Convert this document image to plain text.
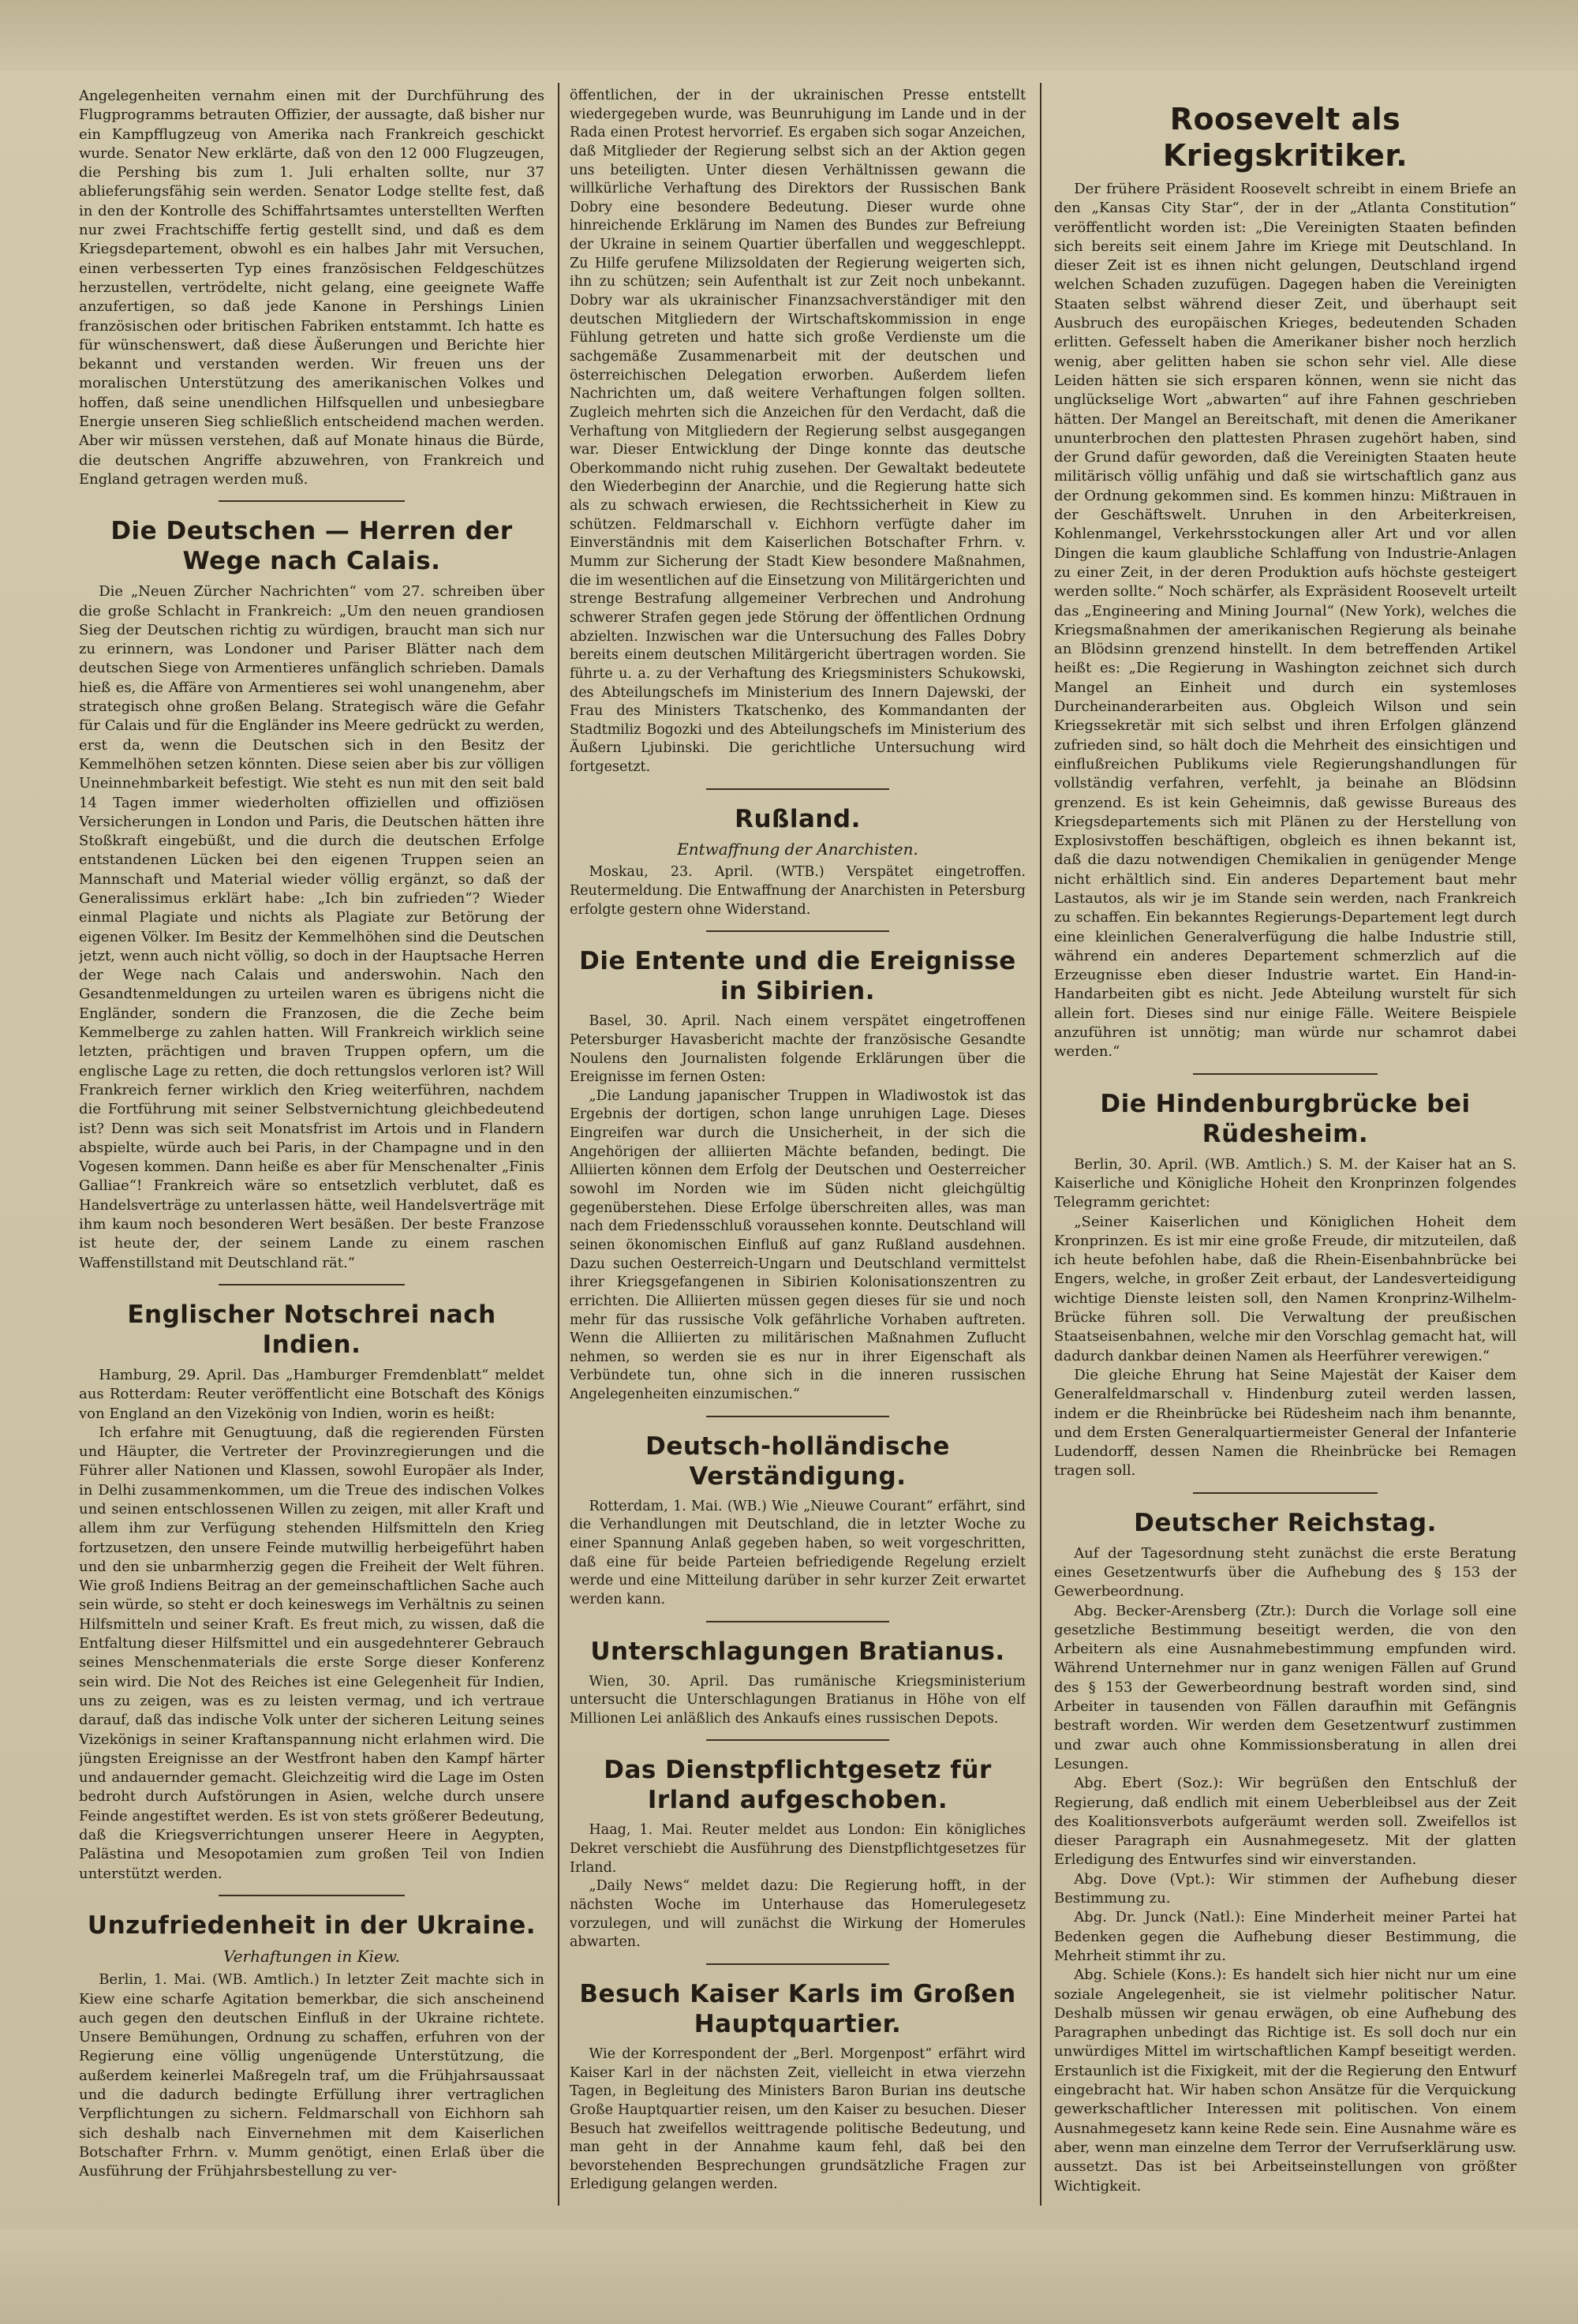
Angelegenheiten vernahm einen mit der Durchführung des Flugprogramms betrauten Offizier, der aussagte, daß bisher nur ein Kampfflugzeug von Amerika nach Frankreich geschickt wurde. Senator New erklärte, daß von den 12 000 Flugzeugen, die Pershing bis zum 1. Juli erhalten sollte, nur 37 ablieferungsfähig sein werden. Senator Lodge stellte fest, daß in den der Kontrolle des Schiffahrtsamtes unterstellten Werften nur zwei Frachtschiffe fertig gestellt sind, und daß es dem Kriegsdepartement, obwohl es ein halbes Jahr mit Versuchen, einen verbesserten Typ eines französischen Feldgeschützes herzustellen, vertrödelte, nicht gelang, eine geeignete Waffe anzufertigen, so daß jede Kanone in Pershings Linien französischen oder britischen Fabriken entstammt. Ich hatte es für wünschenswert, daß diese Äußerungen und Berichte hier bekannt und verstanden werden. Wir freuen uns der moralischen Unterstützung des amerikanischen Volkes und hoffen, daß seine unendlichen Hilfsquellen und unbesiegbare Energie unseren Sieg schließlich entscheidend machen werden. Aber wir müssen verstehen, daß auf Monate hinaus die Bürde, die deutschen Angriffe abzuwehren, von Frankreich und England getragen werden muß.

Die Deutschen — Herren der Wege nach Calais.

Die „Neuen Zürcher Nachrichten“ vom 27. schreiben über die große Schlacht in Frankreich: „Um den neuen grandiosen Sieg der Deutschen richtig zu würdigen, braucht man sich nur zu erinnern, was Londoner und Pariser Blätter nach dem deutschen Siege von Armentieres unfänglich schrieben. Damals hieß es, die Affäre von Armentieres sei wohl unangenehm, aber strategisch ohne großen Belang. Strategisch wäre die Gefahr für Calais und für die Engländer ins Meere gedrückt zu werden, erst da, wenn die Deutschen sich in den Besitz der Kemmelhöhen setzen könnten. Diese seien aber bis zur völligen Uneinnehmbarkeit befestigt. Wie steht es nun mit den seit bald 14 Tagen immer wiederholten offiziellen und offiziösen Versicherungen in London und Paris, die Deutschen hätten ihre Stoßkraft eingebüßt, und die durch die deutschen Erfolge entstandenen Lücken bei den eigenen Truppen seien an Mannschaft und Material wieder völlig ergänzt, so daß der Generalissimus erklärt habe: „Ich bin zufrieden“? Wieder einmal Plagiate und nichts als Plagiate zur Betörung der eigenen Völker. Im Besitz der Kemmelhöhen sind die Deutschen jetzt, wenn auch nicht völlig, so doch in der Hauptsache Herren der Wege nach Calais und anderswohin. Nach den Gesandtenmeldungen zu urteilen waren es übrigens nicht die Engländer, sondern die Franzosen, die die Zeche beim Kemmelberge zu zahlen hatten. Will Frankreich wirklich seine letzten, prächtigen und braven Truppen opfern, um die englische Lage zu retten, die doch rettungslos verloren ist? Will Frankreich ferner wirklich den Krieg weiterführen, nachdem die Fortführung mit seiner Selbstvernichtung gleichbedeutend ist? Denn was sich seit Monatsfrist im Artois und in Flandern abspielte, würde auch bei Paris, in der Champagne und in den Vogesen kommen. Dann heiße es aber für Menschenalter „Finis Galliae“! Frankreich wäre so entsetzlich verblutet, daß es Handelsverträge zu unterlassen hätte, weil Handelsverträge mit ihm kaum noch besonderen Wert besäßen. Der beste Franzose ist heute der, der seinem Lande zu einem raschen Waffenstillstand mit Deutschland rät.“

Englischer Notschrei nach Indien.

Hamburg, 29. April. Das „Hamburger Fremdenblatt“ meldet aus Rotterdam: Reuter veröffentlicht eine Botschaft des Königs von England an den Vizekönig von Indien, worin es heißt:

Ich erfahre mit Genugtuung, daß die regierenden Fürsten und Häupter, die Vertreter der Provinzregierungen und die Führer aller Nationen und Klassen, sowohl Europäer als Inder, in Delhi zusammenkommen, um die Treue des indischen Volkes und seinen entschlossenen Willen zu zeigen, mit aller Kraft und allem ihm zur Verfügung stehenden Hilfsmitteln den Krieg fortzusetzen, den unsere Feinde mutwillig herbeigeführt haben und den sie unbarmherzig gegen die Freiheit der Welt führen. Wie groß Indiens Beitrag an der gemeinschaftlichen Sache auch sein würde, so steht er doch keineswegs im Verhältnis zu seinen Hilfsmitteln und seiner Kraft. Es freut mich, zu wissen, daß die Entfaltung dieser Hilfsmittel und ein ausgedehnterer Gebrauch seines Menschenmaterials die erste Sorge dieser Konferenz sein wird. Die Not des Reiches ist eine Gelegenheit für Indien, uns zu zeigen, was es zu leisten vermag, und ich vertraue darauf, daß das indische Volk unter der sicheren Leitung seines Vizekönigs in seiner Kraftanspannung nicht erlahmen wird. Die jüngsten Ereignisse an der Westfront haben den Kampf härter und andauernder gemacht. Gleichzeitig wird die Lage im Osten bedroht durch Aufstörungen in Asien, welche durch unsere Feinde angestiftet werden. Es ist von stets größerer Bedeutung, daß die Kriegsverrichtungen unserer Heere in Aegypten, Palästina und Mesopotamien zum großen Teil von Indien unterstützt werden.

Unzufriedenheit in der Ukraine.
Verhaftungen in Kiew.

Berlin, 1. Mai. (WB. Amtlich.) In letzter Zeit machte sich in Kiew eine scharfe Agitation bemerkbar, die sich anscheinend auch gegen den deutschen Einfluß in der Ukraine richtete. Unsere Bemühungen, Ordnung zu schaffen, erfuhren von der Regierung eine völlig ungenügende Unterstützung, die außerdem keinerlei Maßregeln traf, um die Frühjahrsaussaat und die dadurch bedingte Erfüllung ihrer vertraglichen Verpflichtungen zu sichern. Feldmarschall von Eichhorn sah sich deshalb nach Einvernehmen mit dem Kaiserlichen Botschafter Frhrn. v. Mumm genötigt, einen Erlaß über die Ausführung der Frühjahrsbestellung zu ver-

öffentlichen, der in der ukrainischen Presse entstellt wiedergegeben wurde, was Beunruhigung im Lande und in der Rada einen Protest hervorrief. Es ergaben sich sogar Anzeichen, daß Mitglieder der Regierung selbst sich an der Aktion gegen uns beteiligten. Unter diesen Verhältnissen gewann die willkürliche Verhaftung des Direktors der Russischen Bank Dobry eine besondere Bedeutung. Dieser wurde ohne hinreichende Erklärung im Namen des Bundes zur Befreiung der Ukraine in seinem Quartier überfallen und weggeschleppt. Zu Hilfe gerufene Milizsoldaten der Regierung weigerten sich, ihn zu schützen; sein Aufenthalt ist zur Zeit noch unbekannt. Dobry war als ukrainischer Finanzsachverständiger mit den deutschen Mitgliedern der Wirtschaftskommission in enge Fühlung getreten und hatte sich große Verdienste um die sachgemäße Zusammenarbeit mit der deutschen und österreichischen Delegation erworben. Außerdem liefen Nachrichten um, daß weitere Verhaftungen folgen sollten. Zugleich mehrten sich die Anzeichen für den Verdacht, daß die Verhaftung von Mitgliedern der Regierung selbst ausgegangen war. Dieser Entwicklung der Dinge konnte das deutsche Oberkommando nicht ruhig zusehen. Der Gewaltakt bedeutete den Wiederbeginn der Anarchie, und die Regierung hatte sich als zu schwach erwiesen, die Rechtssicherheit in Kiew zu schützen. Feldmarschall v. Eichhorn verfügte daher im Einverständnis mit dem Kaiserlichen Botschafter Frhrn. v. Mumm zur Sicherung der Stadt Kiew besondere Maßnahmen, die im wesentlichen auf die Einsetzung von Militärgerichten und strenge Bestrafung allgemeiner Verbrechen und Androhung schwerer Strafen gegen jede Störung der öffentlichen Ordnung abzielten. Inzwischen war die Untersuchung des Falles Dobry bereits einem deutschen Militärgericht übertragen worden. Sie führte u. a. zu der Verhaftung des Kriegsministers Schukowski, des Abteilungschefs im Ministerium des Innern Dajewski, der Frau des Ministers Tkatschenko, des Kommandanten der Stadtmiliz Bogozki und des Abteilungschefs im Ministerium des Äußern Ljubinski. Die gerichtliche Untersuchung wird fortgesetzt.

Rußland.
Entwaffnung der Anarchisten.

Moskau, 23. April. (WTB.) Verspätet eingetroffen. Reutermeldung. Die Entwaffnung der Anarchisten in Petersburg erfolgte gestern ohne Widerstand.

Die Entente und die Ereignisse in Sibirien.

Basel, 30. April. Nach einem verspätet eingetroffenen Petersburger Havasbericht machte der französische Gesandte Noulens den Journalisten folgende Erklärungen über die Ereignisse im fernen Osten:

„Die Landung japanischer Truppen in Wladiwostok ist das Ergebnis der dortigen, schon lange unruhigen Lage. Dieses Eingreifen war durch die Unsicherheit, in der sich die Angehörigen der alliierten Mächte befanden, bedingt. Die Alliierten können dem Erfolg der Deutschen und Oesterreicher sowohl im Norden wie im Süden nicht gleichgültig gegenüberstehen. Diese Erfolge überschreiten alles, was man nach dem Friedensschluß voraussehen konnte. Deutschland will seinen ökonomischen Einfluß auf ganz Rußland ausdehnen. Dazu suchen Oesterreich-Ungarn und Deutschland vermittelst ihrer Kriegsgefangenen in Sibirien Kolonisationszentren zu errichten. Die Alliierten müssen gegen dieses für sie und noch mehr für das russische Volk gefährliche Vorhaben auftreten. Wenn die Alliierten zu militärischen Maßnahmen Zuflucht nehmen, so werden sie es nur in ihrer Eigenschaft als Verbündete tun, ohne sich in die inneren russischen Angelegenheiten einzumischen.“

Deutsch-holländische Verständigung.

Rotterdam, 1. Mai. (WB.) Wie „Nieuwe Courant“ erfährt, sind die Verhandlungen mit Deutschland, die in letzter Woche zu einer Spannung Anlaß gegeben haben, so weit vorgeschritten, daß eine für beide Parteien befriedigende Regelung erzielt werde und eine Mitteilung darüber in sehr kurzer Zeit erwartet werden kann.

Unterschlagungen Bratianus.

Wien, 30. April. Das rumänische Kriegsministerium untersucht die Unterschlagungen Bratianus in Höhe von elf Millionen Lei anläßlich des Ankaufs eines russischen Depots.

Das Dienstpflichtgesetz für Irland aufgeschoben.

Haag, 1. Mai. Reuter meldet aus London: Ein königliches Dekret verschiebt die Ausführung des Dienstpflichtgesetzes für Irland.

„Daily News“ meldet dazu: Die Regierung hofft, in der nächsten Woche im Unterhause das Homerulegesetz vorzulegen, und will zunächst die Wirkung der Homerules abwarten.

Besuch Kaiser Karls im Großen Hauptquartier.

Wie der Korrespondent der „Berl. Morgenpost“ erfährt wird Kaiser Karl in der nächsten Zeit, vielleicht in etwa vierzehn Tagen, in Begleitung des Ministers Baron Burian ins deutsche Große Hauptquartier reisen, um den Kaiser zu besuchen. Dieser Besuch hat zweifellos weittragende politische Bedeutung, und man geht in der Annahme kaum fehl, daß bei den bevorstehenden Besprechungen grundsätzliche Fragen zur Erledigung gelangen werden.

Roosevelt als Kriegskritiker.

Der frühere Präsident Roosevelt schreibt in einem Briefe an den „Kansas City Star“, der in der „Atlanta Constitution“ veröffentlicht worden ist: „Die Vereinigten Staaten befinden sich bereits seit einem Jahre im Kriege mit Deutschland. In dieser Zeit ist es ihnen nicht gelungen, Deutschland irgend welchen Schaden zuzufügen. Dagegen haben die Vereinigten Staaten selbst während dieser Zeit, und überhaupt seit Ausbruch des europäischen Krieges, bedeutenden Schaden erlitten. Gefesselt haben die Amerikaner bisher noch herzlich wenig, aber gelitten haben sie schon sehr viel. Alle diese Leiden hätten sie sich ersparen können, wenn sie nicht das unglückselige Wort „abwarten“ auf ihre Fahnen geschrieben hätten. Der Mangel an Bereitschaft, mit denen die Amerikaner ununterbrochen den plattesten Phrasen zugehört haben, sind der Grund dafür geworden, daß die Vereinigten Staaten heute militärisch völlig unfähig und daß sie wirtschaftlich ganz aus der Ordnung gekommen sind. Es kommen hinzu: Mißtrauen in der Geschäftswelt. Unruhen in den Arbeiterkreisen, Kohlenmangel, Verkehrsstockungen aller Art und vor allen Dingen die kaum glaubliche Schlaffung von Industrie-Anlagen zu einer Zeit, in der deren Produktion aufs höchste gesteigert werden sollte.“ Noch schärfer, als Expräsident Roosevelt urteilt das „Engineering and Mining Journal“ (New York), welches die Kriegsmaßnahmen der amerikanischen Regierung als beinahe an Blödsinn grenzend hinstellt. In dem betreffenden Artikel heißt es: „Die Regierung in Washington zeichnet sich durch Mangel an Einheit und durch ein systemloses Durcheinanderarbeiten aus. Obgleich Wilson und sein Kriegssekretär mit sich selbst und ihren Erfolgen glänzend zufrieden sind, so hält doch die Mehrheit des einsichtigen und einflußreichen Publikums viele Regierungshandlungen für vollständig verfahren, verfehlt, ja beinahe an Blödsinn grenzend. Es ist kein Geheimnis, daß gewisse Bureaus des Kriegsdepartements sich mit Plänen zu der Herstellung von Explosivstoffen beschäftigen, obgleich es ihnen bekannt ist, daß die dazu notwendigen Chemikalien in genügender Menge nicht erhältlich sind. Ein anderes Departement baut mehr Lastautos, als wir je im Stande sein werden, nach Frankreich zu schaffen. Ein bekanntes Regierungs-Departement legt durch eine kleinlichen Generalverfügung die halbe Industrie still, während ein anderes Departement schmerzlich auf die Erzeugnisse eben dieser Industrie wartet. Ein Hand-in-Handarbeiten gibt es nicht. Jede Abteilung wurstelt für sich allein fort. Dieses sind nur einige Fälle. Weitere Beispiele anzuführen ist unnötig; man würde nur schamrot dabei werden.“

Die Hindenburgbrücke bei Rüdesheim.

Berlin, 30. April. (WB. Amtlich.) S. M. der Kaiser hat an S. Kaiserliche und Königliche Hoheit den Kronprinzen folgendes Telegramm gerichtet:

„Seiner Kaiserlichen und Königlichen Hoheit dem Kronprinzen. Es ist mir eine große Freude, dir mitzuteilen, daß ich heute befohlen habe, daß die Rhein-Eisenbahnbrücke bei Engers, welche, in großer Zeit erbaut, der Landesverteidigung wichtige Dienste leisten soll, den Namen Kronprinz-Wilhelm-Brücke führen soll. Die Verwaltung der preußischen Staatseisenbahnen, welche mir den Vorschlag gemacht hat, will dadurch dankbar deinen Namen als Heerführer verewigen.“

Die gleiche Ehrung hat Seine Majestät der Kaiser dem Generalfeldmarschall v. Hindenburg zuteil werden lassen, indem er die Rheinbrücke bei Rüdesheim nach ihm benannte, und dem Ersten Generalquartiermeister General der Infanterie Ludendorff, dessen Namen die Rheinbrücke bei Remagen tragen soll.

Deutscher Reichstag.

Auf der Tagesordnung steht zunächst die erste Beratung eines Gesetzentwurfs über die Aufhebung des § 153 der Gewerbeordnung.

Abg. Becker-Arensberg (Ztr.): Durch die Vorlage soll eine gesetzliche Bestimmung beseitigt werden, die von den Arbeitern als eine Ausnahmebestimmung empfunden wird. Während Unternehmer nur in ganz wenigen Fällen auf Grund des § 153 der Gewerbeordnung bestraft worden sind, sind Arbeiter in tausenden von Fällen daraufhin mit Gefängnis bestraft worden. Wir werden dem Gesetzentwurf zustimmen und zwar auch ohne Kommissionsberatung in allen drei Lesungen.

Abg. Ebert (Soz.): Wir begrüßen den Entschluß der Regierung, daß endlich mit einem Ueberbleibsel aus der Zeit des Koalitionsverbots aufgeräumt werden soll. Zweifellos ist dieser Paragraph ein Ausnahmegesetz. Mit der glatten Erledigung des Entwurfes sind wir einverstanden.

Abg. Dove (Vpt.): Wir stimmen der Aufhebung dieser Bestimmung zu.

Abg. Dr. Junck (Natl.): Eine Minderheit meiner Partei hat Bedenken gegen die Aufhebung dieser Bestimmung, die Mehrheit stimmt ihr zu.

Abg. Schiele (Kons.): Es handelt sich hier nicht nur um eine soziale Angelegenheit, sie ist vielmehr politischer Natur. Deshalb müssen wir genau erwägen, ob eine Aufhebung des Paragraphen unbedingt das Richtige ist. Es soll doch nur ein unwürdiges Mittel im wirtschaftlichen Kampf beseitigt werden. Erstaunlich ist die Fixigkeit, mit der die Regierung den Entwurf eingebracht hat. Wir haben schon Ansätze für die Verquickung gewerkschaftlicher Interessen mit politischen. Von einem Ausnahmegesetz kann keine Rede sein. Eine Ausnahme wäre es aber, wenn man einzelne dem Terror der Verrufserklärung usw. aussetzt. Das ist bei Arbeitseinstellungen von größter Wichtigkeit.
